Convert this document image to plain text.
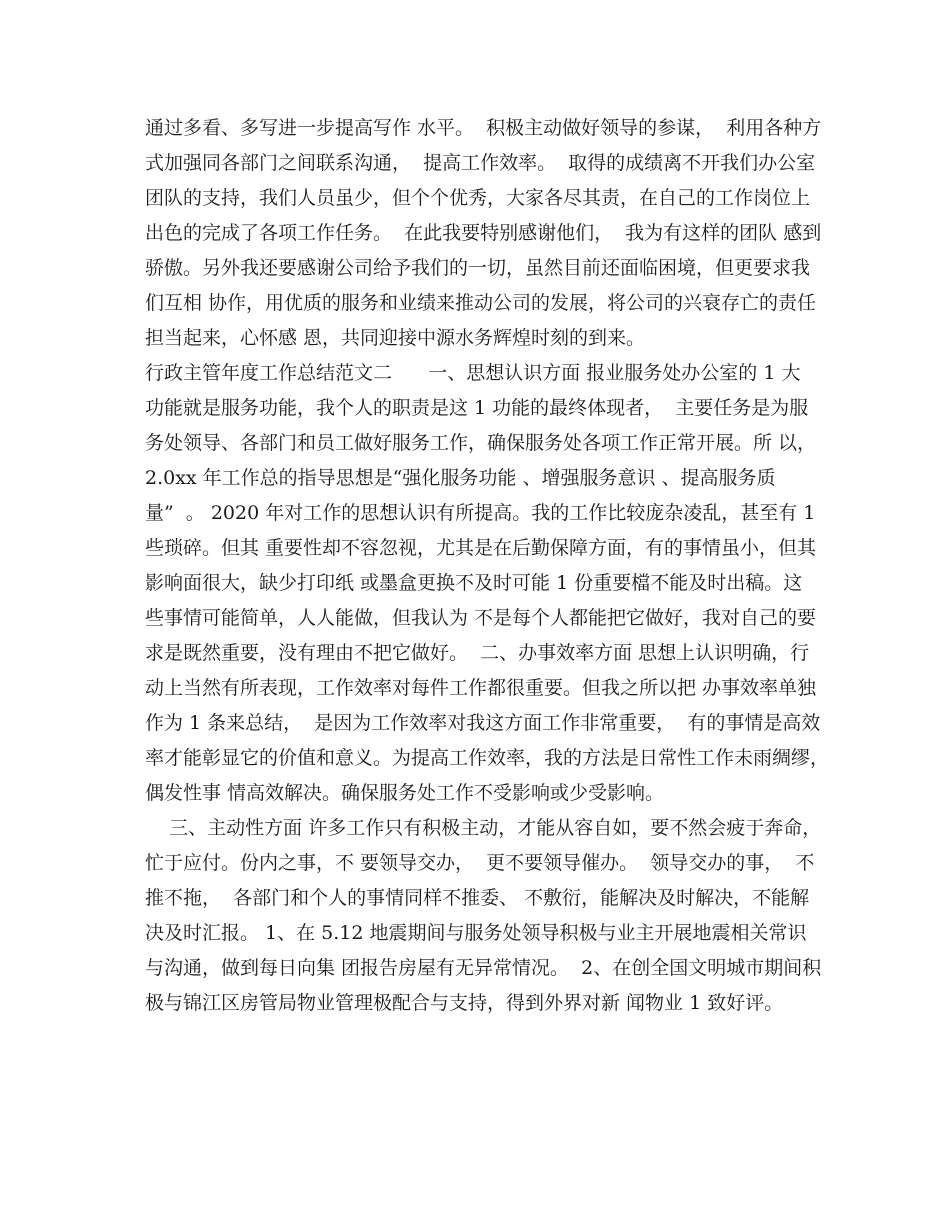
通过多看、多写进一步提高写作 水平。  积极主动做好领导的参谋，  利用各种方
式加强同各部门之间联系沟通，  提高工作效率。  取得的成绩离不开我们办公室
团队的支持，我们人员虽少，但个个优秀，大家各尽其责，在自己的工作岗位上
出色的完成了各项工作任务。  在此我要特别感谢他们，  我为有这样的团队 感到
骄傲。另外我还要感谢公司给予我们的一切，虽然目前还面临困境，但更要求我
们互相 协作，用优质的服务和业绩来推动公司的发展，将公司的兴衰存亡的责任
担当起来，心怀感 恩，共同迎接中源水务辉煌时刻的到来。
行政主管年度工作总结范文二      一、思想认识方面 报业服务处办公室的 1 大
功能就是服务功能，我个人的职责是这 1 功能的最终体现者，  主要任务是为服
务处领导、各部门和员工做好服务工作，确保服务处各项工作正常开展。所 以，
2.0xx 年工作总的指导思想是“强化服务功能 、增强服务意识 、提高服务质
量”  。 2020 年对工作的思想认识有所提高。我的工作比较庞杂凌乱，甚至有 1
些琐碎。但其 重要性却不容忽视，尤其是在后勤保障方面，有的事情虽小，但其
影响面很大，缺少打印纸 或墨盒更换不及时可能 1 份重要檔不能及时出稿。这
些事情可能简单，人人能做，但我认为 不是每个人都能把它做好，我对自己的要
求是既然重要，没有理由不把它做好。  二、办事效率方面 思想上认识明确，行
动上当然有所表现，工作效率对每件工作都很重要。但我之所以把 办事效率单独
作为 1 条来总结，  是因为工作效率对我这方面工作非常重要，  有的事情是高效
率才能彰显它的价值和意义。为提高工作效率，我的方法是日常性工作未雨绸缪，
偶发性事 情高效解决。确保服务处工作不受影响或少受影响。
三、主动性方面 许多工作只有积极主动，才能从容自如，要不然会疲于奔命，
忙于应付。份内之事，不 要领导交办，  更不要领导催办。  领导交办的事，  不
推不拖，  各部门和个人的事情同样不推委、 不敷衍，能解决及时解决，不能解
决及时汇报。 1、在 5.12 地震期间与服务处领导积极与业主开展地震相关常识
与沟通，做到每日向集 团报告房屋有无异常情况。  2、在创全国文明城市期间积
极与锦江区房管局物业管理极配合与支持，得到外界对新 闻物业 1 致好评。
